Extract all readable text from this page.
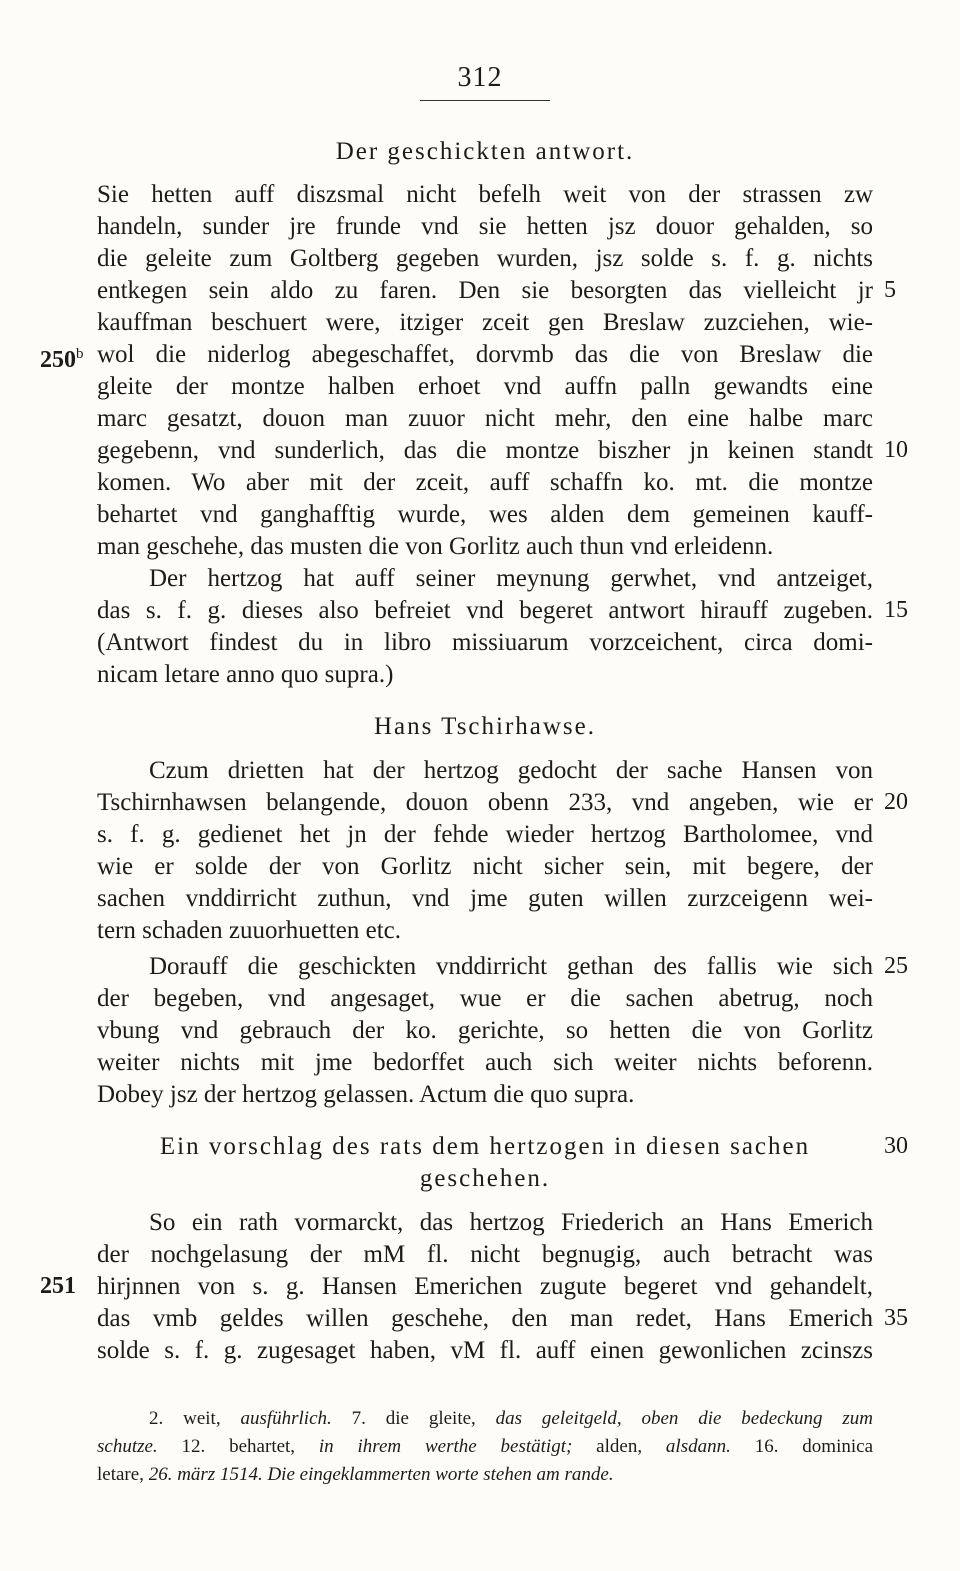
312
Der geschickten antwort.
Sie hetten auff diszsmal nicht befelh weit von der strassen zw
handeln, sunder jre frunde vnd sie hetten jsz douor gehalden, so
die geleite zum Goltberg gegeben wurden, jsz solde s. f. g. nichts
entkegen sein aldo zu faren. Den sie besorgten das vielleicht jr
kauffman beschuert were, itziger zceit gen Breslaw zuzciehen, wie-
wol die niderlog abegeschaffet, dorvmb das die von Breslaw die
gleite der montze halben erhoet vnd auffn palln gewandts eine
marc gesatzt, douon man zuuor nicht mehr, den eine halbe marc
gegebenn, vnd sunderlich, das die montze biszher jn keinen standt
komen. Wo aber mit der zceit, auff schaffn ko. mt. die montze
behartet vnd ganghafftig wurde, wes alden dem gemeinen kauff-
man geschehe, das musten die von Gorlitz auch thun vnd erleidenn.
Der hertzog hat auff seiner meynung gerwhet, vnd antzeiget,
das s. f. g. dieses also befreiet vnd begeret antwort hirauff zugeben.
(Antwort findest du in libro missiuarum vorzceichent, circa domi-
nicam letare anno quo supra.)
Hans Tschirhawse.
Czum drietten hat der hertzog gedocht der sache Hansen von
Tschirnhawsen belangende, douon obenn 233, vnd angeben, wie er
s. f. g. gedienet het jn der fehde wieder hertzog Bartholomee, vnd
wie er solde der von Gorlitz nicht sicher sein, mit begere, der
sachen vnddirricht zuthun, vnd jme guten willen zurzceigenn wei-
tern schaden zuuorhuetten etc.
Dorauff die geschickten vnddirricht gethan des fallis wie sich
der begeben, vnd angesaget, wue er die sachen abetrug, noch
vbung vnd gebrauch der ko. gerichte, so hetten die von Gorlitz
weiter nichts mit jme bedorffet auch sich weiter nichts beforenn.
Dobey jsz der hertzog gelassen. Actum die quo supra.
Ein vorschlag des rats dem hertzogen in diesen sachen
geschehen.
So ein rath vormarckt, das hertzog Friederich an Hans Emerich
der nochgelasung der mM fl. nicht begnugig, auch betracht was
hirjnnen von s. g. Hansen Emerichen zugute begeret vnd gehandelt,
das vmb geldes willen geschehe, den man redet, Hans Emerich
solde s. f. g. zugesaget haben, vM fl. auff einen gewonlichen zcinszs
250$^b$
251
5
10
15
20
25
30
35
2. weit, ausführlich. 7. die gleite, das geleitgeld, oben die bedeckung zum
schutze. 12. behartet, in ihrem werthe bestätigt; alden, alsdann. 16. dominica
letare, 26. märz 1514. Die eingeklammerten worte stehen am rande.
